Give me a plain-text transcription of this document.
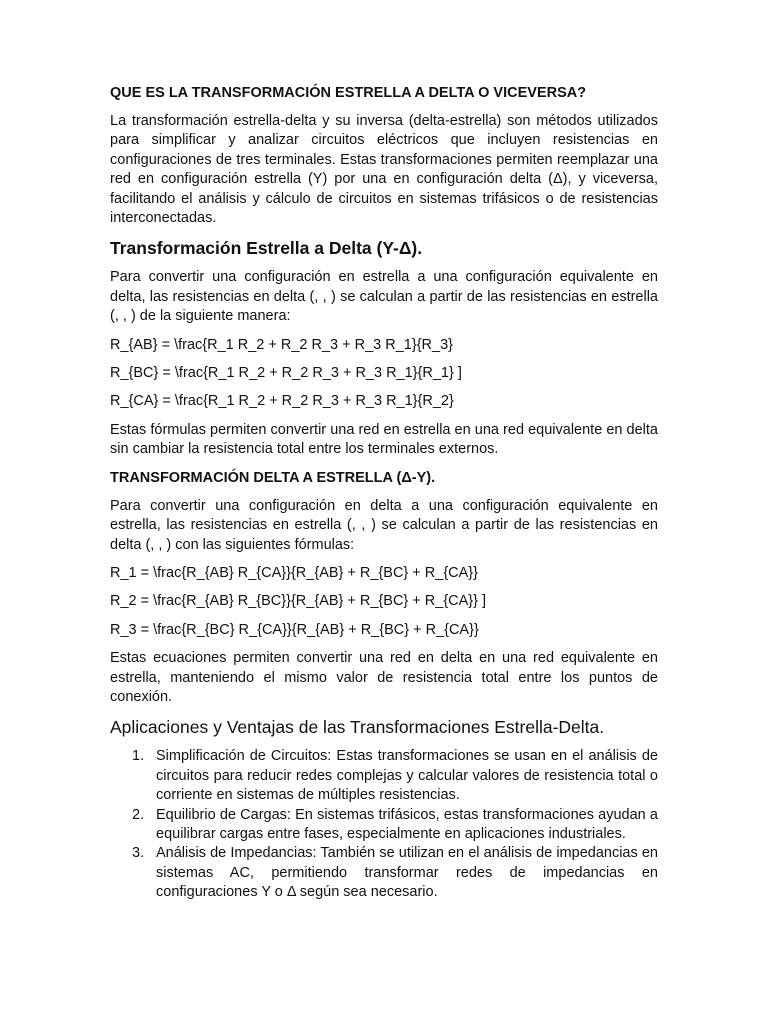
QUE ES LA TRANSFORMACIÓN ESTRELLA A DELTA O VICEVERSA?

La transformación estrella-delta y su inversa (delta-estrella) son métodos utilizados para simplificar y analizar circuitos eléctricos que incluyen resistencias en configuraciones de tres terminales. Estas transformaciones permiten reemplazar una red en configuración estrella (Y) por una en configuración delta (Δ), y viceversa, facilitando el análisis y cálculo de circuitos en sistemas trifásicos o de resistencias interconectadas.

Transformación Estrella a Delta (Y-Δ).

Para convertir una configuración en estrella a una configuración equivalente en delta, las resistencias en delta (, , ) se calculan a partir de las resistencias en estrella (, , ) de la siguiente manera:

R_{AB} = \frac{R_1 R_2 + R_2 R_3 + R_3 R_1}{R_3}

R_{BC} = \frac{R_1 R_2 + R_2 R_3 + R_3 R_1}{R_1} ]

R_{CA} = \frac{R_1 R_2 + R_2 R_3 + R_3 R_1}{R_2}

Estas fórmulas permiten convertir una red en estrella en una red equivalente en delta sin cambiar la resistencia total entre los terminales externos.

TRANSFORMACIÓN DELTA A ESTRELLA (Δ-Y).

Para convertir una configuración en delta a una configuración equivalente en estrella, las resistencias en estrella (, , ) se calculan a partir de las resistencias en delta (, , ) con las siguientes fórmulas:

R_1 = \frac{R_{AB} R_{CA}}{R_{AB} + R_{BC} + R_{CA}}

R_2 = \frac{R_{AB} R_{BC}}{R_{AB} + R_{BC} + R_{CA}} ]

R_3 = \frac{R_{BC} R_{CA}}{R_{AB} + R_{BC} + R_{CA}}

Estas ecuaciones permiten convertir una red en delta en una red equivalente en estrella, manteniendo el mismo valor de resistencia total entre los puntos de conexión.

Aplicaciones y Ventajas de las Transformaciones Estrella-Delta.
1. Simplificación de Circuitos: Estas transformaciones se usan en el análisis de circuitos para reducir redes complejas y calcular valores de resistencia total o corriente en sistemas de múltiples resistencias.
2. Equilibrio de Cargas: En sistemas trifásicos, estas transformaciones ayudan a equilibrar cargas entre fases, especialmente en aplicaciones industriales.
3. Análisis de Impedancias: También se utilizan en el análisis de impedancias en sistemas AC, permitiendo transformar redes de impedancias en configuraciones Y o Δ según sea necesario.
